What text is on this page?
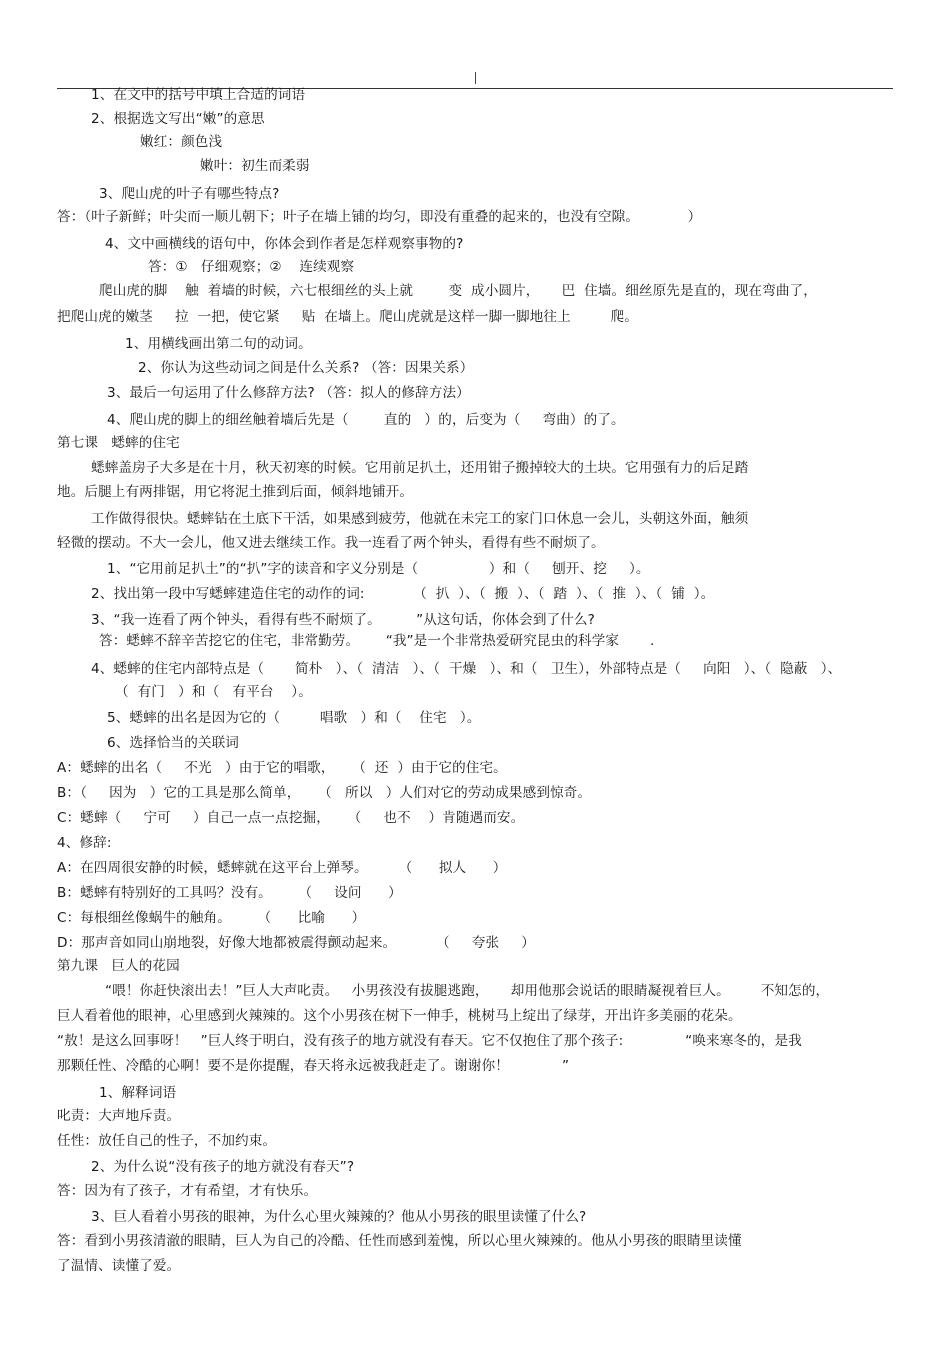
1、在文中的括号中填上合适的词语
2、根据选文写出“嫩”的意思
嫩红：颜色浅
嫩叶：初生而柔弱
3、爬山虎的叶子有哪些特点?
答：（叶子新鲜；叶尖而一顺儿朝下；叶子在墙上铺的均匀，即没有重叠的起来的，也没有空隙。           ）
4、文中画横线的语句中，你体会到作者是怎样观察事物的?
答：①   仔细观察；②    连续观察
爬山虎的脚    触  着墙的时候，六七根细丝的头上就        变  成小圆片，     巴  住墙。细丝原先是直的，现在弯曲了，
把爬山虎的嫩茎     拉  一把，使它紧     贴  在墙上。爬山虎就是这样一脚一脚地往上         爬。
1、用横线画出第二句的动词。
2、你认为这些动词之间是什么关系? （答：因果关系）
3、最后一句运用了什么修辞方法? （答：拟人的修辞方法）
4、爬山虎的脚上的细丝触着墙后先是（        直的   ）的，后变为（     弯曲）的了。
第七课   蟋蟀的住宅
蟋蟀盖房子大多是在十月，秋天初寒的时候。它用前足扒土，还用钳子搬掉较大的土块。它用强有力的后足踏
地。后腿上有两排锯，用它将泥土推到后面，倾斜地铺开。
工作做得很快。蟋蟀钻在土底下干活，如果感到疲劳，他就在未完工的家门口休息一会儿，头朝这外面，触须
轻微的摆动。不大一会儿，他又进去继续工作。我一连看了两个钟头，看得有些不耐烦了。
1、“它用前足扒土”的“扒”字的读音和字义分别是（                ）和（     刨开、挖     ）。
2、找出第一段中写蟋蟀建造住宅的动作的词:           （  扒  ）、（  搬  ）、（  踏  ）、（  推  ）、（  铺  ）。
3、“我一连看了两个钟头，看得有些不耐烦了。        ”从这句话，你体会到了什么?
答：蟋蟀不辞辛苦挖它的住宅，非常勤劳。      “我”是一个非常热爱研究昆虫的科学家       .
4、蟋蟀的住宅内部特点是（       简朴   ）、（  清洁   ）、（  干燥   ）、和（   卫生），外部特点是（     向阳   ）、（  隐蔽   ）、
（  有门   ）和（   有平台    ）。
5、蟋蟀的出名是因为它的（         唱歌   ）和（    住宅   ）。
6、选择恰当的关联词
A：蟋蟀的出名（     不光   ）由于它的唱歌，    （  还  ）由于它的住宅。
B：（     因为   ）它的工具是那么简单，    （   所以   ）人们对它的劳动成果感到惊奇。
C：蟋蟀（     宁可     ）自己一点一点挖掘，    （     也不    ）肯随遇而安。
4、修辞:
A：在四周很安静的时候，蟋蟀就在这平台上弹琴。       （      拟人      ）
B：蟋蟀有特别好的工具吗？没有。      （     设问      ）
C：每根细丝像蜗牛的触角。      （      比喻      ）
D：那声音如同山崩地裂，好像大地都被震得颤动起来。         （     夸张     ）
第九课   巨人的花园
“喂！你赶快滚出去！”巨人大声叱责。   小男孩没有拔腿逃跑，     却用他那会说话的眼睛凝视着巨人。       不知怎的，
巨人看着他的眼神，心里感到火辣辣的。这个小男孩在树下一伸手，桃树马上绽出了绿芽，开出许多美丽的花朵。
“敖！是这么回事呀！   ”巨人终于明白，没有孩子的地方就没有春天。它不仅抱住了那个孩子:              “唤来寒冬的，是我
那颗任性、冷酷的心啊！要不是你提醒，春天将永远被我赶走了。谢谢你！            ”
1、解释词语
叱责：大声地斥责。
任性：放任自己的性子，不加约束。
2、为什么说“没有孩子的地方就没有春天”?
答：因为有了孩子，才有希望，才有快乐。
3、巨人看着小男孩的眼神，为什么心里火辣辣的？他从小男孩的眼里读懂了什么?
答：看到小男孩清澈的眼睛，巨人为自己的冷酷、任性而感到羞愧，所以心里火辣辣的。他从小男孩的眼睛里读懂
了温情、读懂了爱。
